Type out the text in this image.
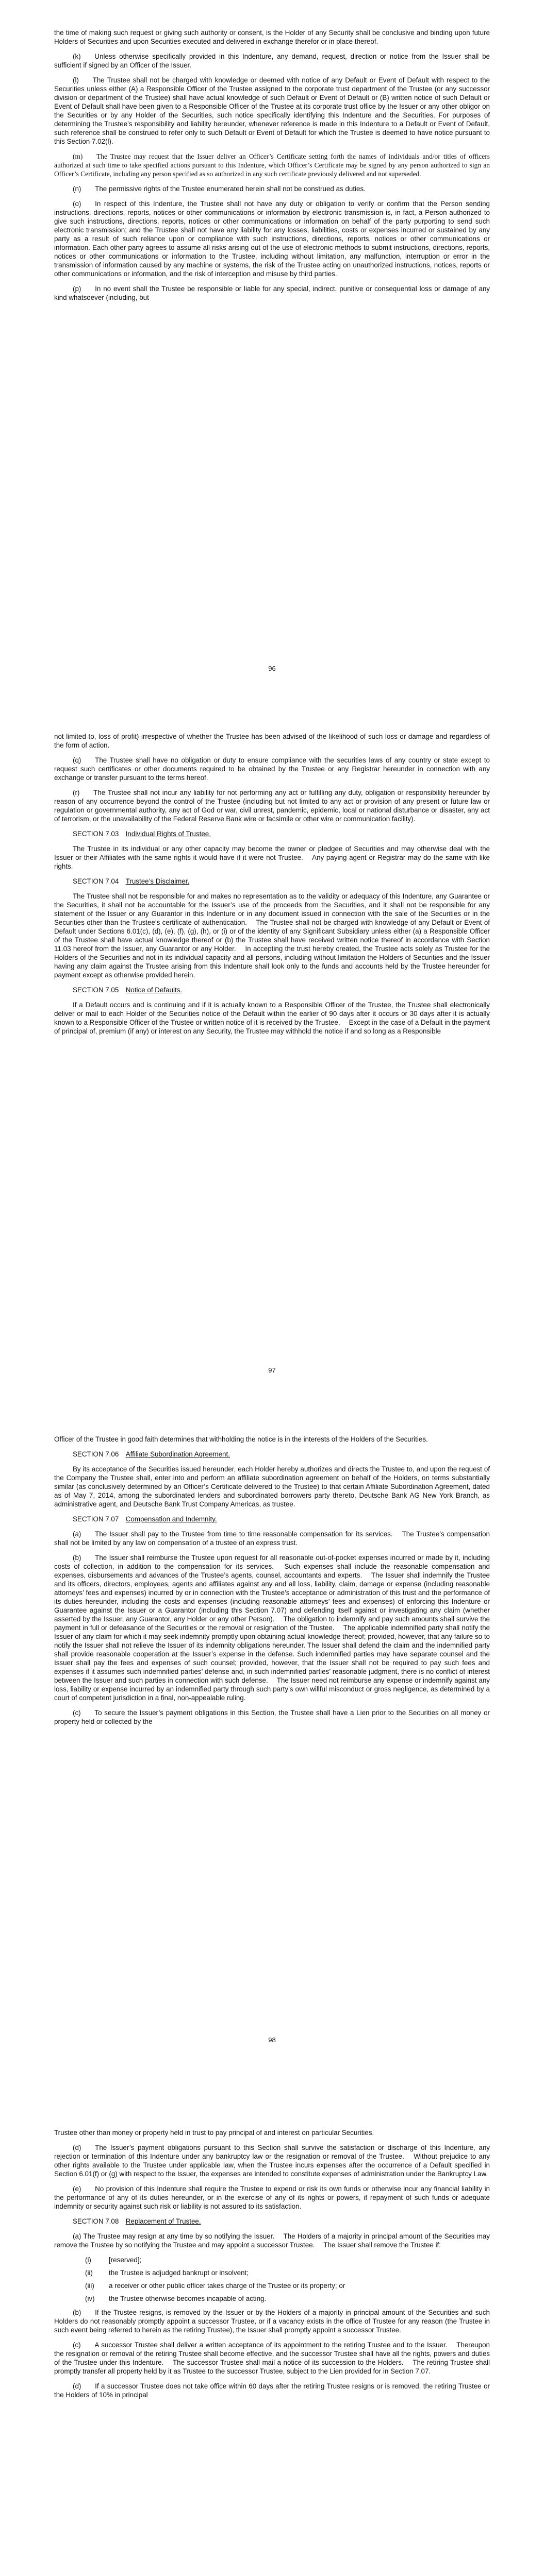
the time of making such request or giving such authority or consent, is the Holder of any Security shall be conclusive and binding upon future Holders of Securities and upon Securities executed and delivered in exchange therefor or in place thereof.

(k)  Unless otherwise specifically provided in this Indenture, any demand, request, direction or notice from the Issuer shall be sufficient if signed by an Officer of the Issuer.

(l)  The Trustee shall not be charged with knowledge or deemed with notice of any Default or Event of Default with respect to the Securities unless either (A) a Responsible Officer of the Trustee assigned to the corporate trust department of the Trustee (or any successor division or department of the Trustee) shall have actual knowledge of such Default or Event of Default or (B) written notice of such Default or Event of Default shall have been given to a Responsible Officer of the Trustee at its corporate trust office by the Issuer or any other obligor on the Securities or by any Holder of the Securities, such notice specifically identifying this Indenture and the Securities. For purposes of determining the Trustee’s responsibility and liability hereunder, whenever reference is made in this Indenture to a Default or Event of Default, such reference shall be construed to refer only to such Default or Event of Default for which the Trustee is deemed to have notice pursuant to this Section 7.02(l).

(m)  The Trustee may request that the Issuer deliver an Officer’s Certificate setting forth the names of individuals and/or titles of officers authorized at such time to take specified actions pursuant to this Indenture, which Officer’s Certificate may be signed by any person authorized to sign an Officer’s Certificate, including any person specified as so authorized in any such certificate previously delivered and not superseded.

(n)  The permissive rights of the Trustee enumerated herein shall not be construed as duties.

(o)  In respect of this Indenture, the Trustee shall not have any duty or obligation to verify or confirm that the Person sending instructions, directions, reports, notices or other communications or information by electronic transmission is, in fact, a Person authorized to give such instructions, directions, reports, notices or other communications or information on behalf of the party purporting to send such electronic transmission; and the Trustee shall not have any liability for any losses, liabilities, costs or expenses incurred or sustained by any party as a result of such reliance upon or compliance with such instructions, directions, reports, notices or other communications or information. Each other party agrees to assume all risks arising out of the use of electronic methods to submit instructions, directions, reports, notices or other communications or information to the Trustee, including without limitation, any malfunction, interruption or error in the transmission of information caused by any machine or systems, the risk of the Trustee acting on unauthorized instructions, notices, reports or other communications or information, and the risk of interception and misuse by third parties.

(p)  In no event shall the Trustee be responsible or liable for any special, indirect, punitive or consequential loss or damage of any kind whatsoever (including, but

96

not limited to, loss of profit) irrespective of whether the Trustee has been advised of the likelihood of such loss or damage and regardless of the form of action.

(q)  The Trustee shall have no obligation or duty to ensure compliance with the securities laws of any country or state except to request such certificates or other documents required to be obtained by the Trustee or any Registrar hereunder in connection with any exchange or transfer pursuant to the terms hereof.

(r)  The Trustee shall not incur any liability for not performing any act or fulfilling any duty, obligation or responsibility hereunder by reason of any occurrence beyond the control of the Trustee (including but not limited to any act or provision of any present or future law or regulation or governmental authority, any act of God or war, civil unrest, pandemic, epidemic, local or national disturbance or disaster, any act of terrorism, or the unavailability of the Federal Reserve Bank wire or facsimile or other wire or communication facility).

SECTION 7.03  Individual Rights of Trustee.

The Trustee in its individual or any other capacity may become the owner or pledgee of Securities and may otherwise deal with the Issuer or their Affiliates with the same rights it would have if it were not Trustee.  Any paying agent or Registrar may do the same with like rights.

SECTION 7.04  Trustee’s Disclaimer.

The Trustee shall not be responsible for and makes no representation as to the validity or adequacy of this Indenture, any Guarantee or the Securities, it shall not be accountable for the Issuer’s use of the proceeds from the Securities, and it shall not be responsible for any statement of the Issuer or any Guarantor in this Indenture or in any document issued in connection with the sale of the Securities or in the Securities other than the Trustee’s certificate of authentication.  The Trustee shall not be charged with knowledge of any Default or Event of Default under Sections 6.01(c), (d), (e), (f), (g), (h), or (i) or of the identity of any Significant Subsidiary unless either (a) a Responsible Officer of the Trustee shall have actual knowledge thereof or (b) the Trustee shall have received written notice thereof in accordance with Section 11.03 hereof from the Issuer, any Guarantor or any Holder.  In accepting the trust hereby created, the Trustee acts solely as Trustee for the Holders of the Securities and not in its individual capacity and all persons, including without limitation the Holders of Securities and the Issuer having any claim against the Trustee arising from this Indenture shall look only to the funds and accounts held by the Trustee hereunder for payment except as otherwise provided herein.

SECTION 7.05  Notice of Defaults.

If a Default occurs and is continuing and if it is actually known to a Responsible Officer of the Trustee, the Trustee shall electronically deliver or mail to each Holder of the Securities notice of the Default within the earlier of 90 days after it occurs or 30 days after it is actually known to a Responsible Officer of the Trustee or written notice of it is received by the Trustee.  Except in the case of a Default in the payment of principal of, premium (if any) or interest on any Security, the Trustee may withhold the notice if and so long as a Responsible

97

Officer of the Trustee in good faith determines that withholding the notice is in the interests of the Holders of the Securities.

SECTION 7.06  Affiliate Subordination Agreement.

By its acceptance of the Securities issued hereunder, each Holder hereby authorizes and directs the Trustee to, and upon the request of the Company the Trustee shall, enter into and perform an affiliate subordination agreement on behalf of the Holders, on terms substantially similar (as conclusively determined by an Officer’s Certificate delivered to the Trustee) to that certain Affiliate Subordination Agreement, dated as of May 7, 2014, among the subordinated lenders and subordinated borrowers party thereto, Deutsche Bank AG New York Branch, as administrative agent, and Deutsche Bank Trust Company Americas, as trustee.

SECTION 7.07  Compensation and Indemnity.

(a)  The Issuer shall pay to the Trustee from time to time reasonable compensation for its services.  The Trustee’s compensation shall not be limited by any law on compensation of a trustee of an express trust.

(b)  The Issuer shall reimburse the Trustee upon request for all reasonable out-of-pocket expenses incurred or made by it, including costs of collection, in addition to the compensation for its services.  Such expenses shall include the reasonable compensation and expenses, disbursements and advances of the Trustee’s agents, counsel, accountants and experts.  The Issuer shall indemnify the Trustee and its officers, directors, employees, agents and affiliates against any and all loss, liability, claim, damage or expense (including reasonable attorneys’ fees and expenses) incurred by or in connection with the Trustee’s acceptance or administration of this trust and the performance of its duties hereunder, including the costs and expenses (including reasonable attorneys’ fees and expenses) of enforcing this Indenture or Guarantee against the Issuer or a Guarantor (including this Section 7.07) and defending itself against or investigating any claim (whether asserted by the Issuer, any Guarantor, any Holder or any other Person).  The obligation to indemnify and pay such amounts shall survive the payment in full or defeasance of the Securities or the removal or resignation of the Trustee.  The applicable indemnified party shall notify the Issuer of any claim for which it may seek indemnity promptly upon obtaining actual knowledge thereof; provided, however, that any failure so to notify the Issuer shall not relieve the Issuer of its indemnity obligations hereunder. The Issuer shall defend the claim and the indemnified party shall provide reasonable cooperation at the Issuer’s expense in the defense. Such indemnified parties may have separate counsel and the Issuer shall pay the fees and expenses of such counsel; provided, however, that the Issuer shall not be required to pay such fees and expenses if it assumes such indemnified parties’ defense and, in such indemnified parties’ reasonable judgment, there is no conflict of interest between the Issuer and such parties in connection with such defense.  The Issuer need not reimburse any expense or indemnify against any loss, liability or expense incurred by an indemnified party through such party’s own willful misconduct or gross negligence, as determined by a court of competent jurisdiction in a final, non-appealable ruling.

(c)  To secure the Issuer’s payment obligations in this Section, the Trustee shall have a Lien prior to the Securities on all money or property held or collected by the

98

Trustee other than money or property held in trust to pay principal of and interest on particular Securities.

(d)  The Issuer’s payment obligations pursuant to this Section shall survive the satisfaction or discharge of this Indenture, any rejection or termination of this Indenture under any bankruptcy law or the resignation or removal of the Trustee.  Without prejudice to any other rights available to the Trustee under applicable law, when the Trustee incurs expenses after the occurrence of a Default specified in Section 6.01(f) or (g) with respect to the Issuer, the expenses are intended to constitute expenses of administration under the Bankruptcy Law.

(e)  No provision of this Indenture shall require the Trustee to expend or risk its own funds or otherwise incur any financial liability in the performance of any of its duties hereunder, or in the exercise of any of its rights or powers, if repayment of such funds or adequate indemnity or security against such risk or liability is not assured to its satisfaction.

SECTION 7.08  Replacement of Trustee.

(a) The Trustee may resign at any time by so notifying the Issuer.  The Holders of a majority in principal amount of the Securities may remove the Trustee by so notifying the Trustee and may appoint a successor Trustee.  The Issuer shall remove the Trustee if:

(i)	[reserved];
(ii) the Trustee is adjudged bankrupt or insolvent;
(iii) a receiver or other public officer takes charge of the Trustee or its property; or
(iv) the Trustee otherwise becomes incapable of acting.

(b)  If the Trustee resigns, is removed by the Issuer or by the Holders of a majority in principal amount of the Securities and such Holders do not reasonably promptly appoint a successor Trustee, or if a vacancy exists in the office of Trustee for any reason (the Trustee in such event being referred to herein as the retiring Trustee), the Issuer shall promptly appoint a successor Trustee.

(c)  A successor Trustee shall deliver a written acceptance of its appointment to the retiring Trustee and to the Issuer.  Thereupon the resignation or removal of the retiring Trustee shall become effective, and the successor Trustee shall have all the rights, powers and duties of the Trustee under this Indenture.  The successor Trustee shall mail a notice of its succession to the Holders.  The retiring Trustee shall promptly transfer all property held by it as Trustee to the successor Trustee, subject to the Lien provided for in Section 7.07.

(d)  If a successor Trustee does not take office within 60 days after the retiring Trustee resigns or is removed, the retiring Trustee or the Holders of 10% in principal
